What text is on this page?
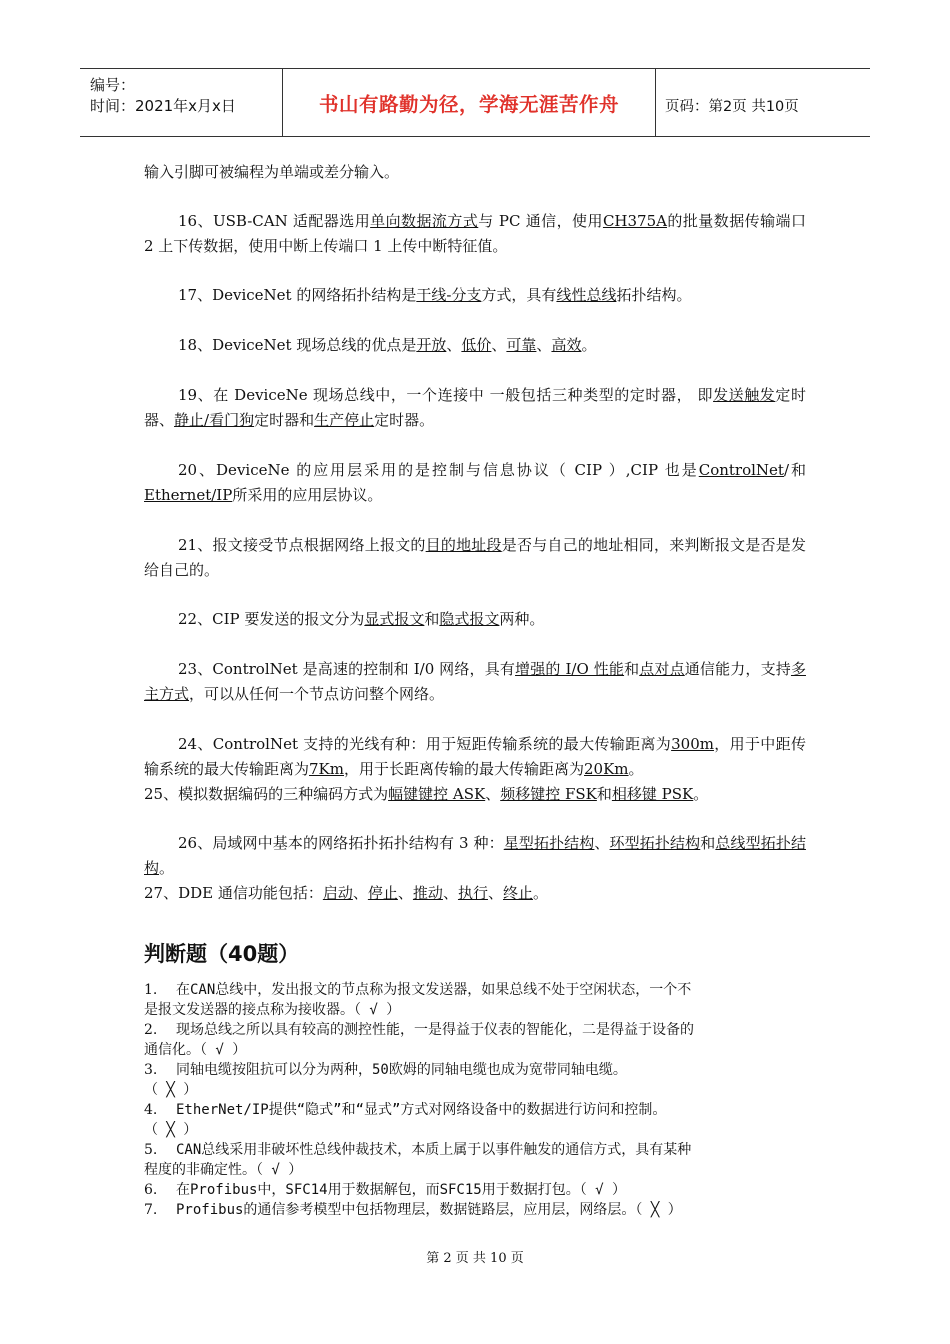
编号：
时间：2021年x月x日	书山有路勤为径，学海无涯苦作舟	页码：第2页 共10页
输入引脚可被编程为单端或差分输入。
16、USB-CAN 适配器选用单向数据流方式与 PC 通信，使用CH375A的批量数据传输端口 2 上下传数据，使用中断上传端口 1 上传中断特征值。
17、DeviceNet 的网络拓扑结构是干线-分支方式，具有线性总线拓扑结构。
18、DeviceNet 现场总线的优点是开放、低价、可靠、高效。
19、在 DeviceNe 现场总线中，一个连接中 一般包括三种类型的定时器， 即发送触发定时器、静止/看门狗定时器和生产停止定时器。
20、DeviceNe 的应用层采用的是控制与信息协议（ CIP ）,CIP 也是ControlNet/和Ethernet/IP所采用的应用层协议。
21、报文接受节点根据网络上报文的目的地址段是否与自己的地址相同，来判断报文是否是发给自己的。
22、CIP 要发送的报文分为显式报文和隐式报文两种。
23、ControlNet 是高速的控制和 I/0 网络，具有增强的 I/O 性能和点对点通信能力，支持多主方式，可以从任何一个节点访问整个网络。
24、ControlNet 支持的光线有种：用于短距传输系统的最大传输距离为300m，用于中距传输系统的最大传输距离为7Km，用于长距离传输的最大传输距离为20Km。
25、模拟数据编码的三种编码方式为幅键键控 ASK、频移键控 FSK和相移键 PSK。
26、局域网中基本的网络拓扑拓扑结构有 3 种：星型拓扑结构、环型拓扑结构和总线型拓扑结构。
27、DDE 通信功能包括：启动、停止、推动、执行、终止。
判断题（40题）
1. 在CAN总线中，发出报文的节点称为报文发送器，如果总线不处于空闲状态，一个不
是报文发送器的接点称为接收器。（ √ ）
2. 现场总线之所以具有较高的测控性能，一是得益于仪表的智能化，二是得益于设备的
通信化。（ √ ）
3. 同轴电缆按阻抗可以分为两种，50欧姆的同轴电缆也成为宽带同轴电缆。
（ ╳ ）
4. EtherNet/IP提供“隐式”和“显式”方式对网络设备中的数据进行访问和控制。
（ ╳ ）
5. CAN总线采用非破坏性总线仲裁技术，本质上属于以事件触发的通信方式，具有某种
程度的非确定性。（ √ ）
6. 在Profibus中，SFC14用于数据解包，而SFC15用于数据打包。（ √ ）
7. Profibus的通信参考模型中包括物理层，数据链路层，应用层，网络层。（ ╳ ）
第 2 页 共 10 页
